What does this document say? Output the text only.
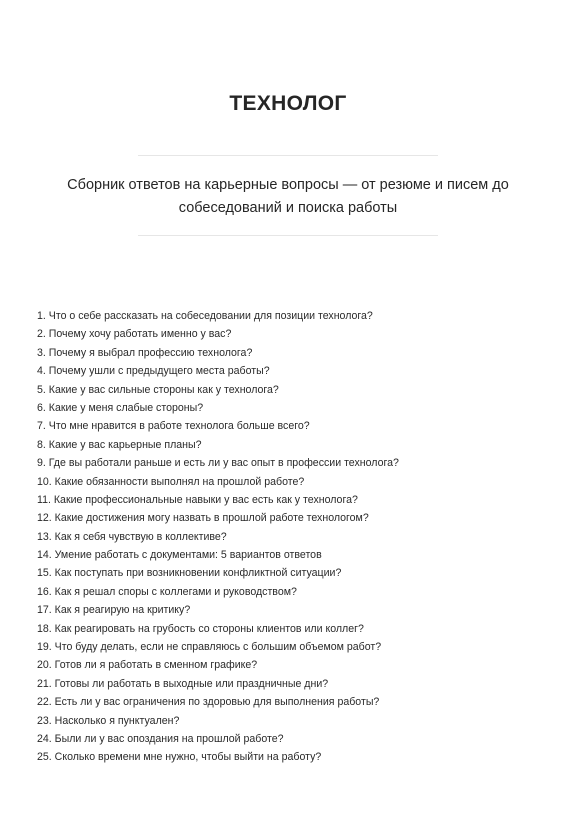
ТЕХНОЛОГ
Сборник ответов на карьерные вопросы — от резюме и писем до собеседований и поиска работы
1. Что о себе рассказать на собеседовании для позиции технолога?
2. Почему хочу работать именно у вас?
3. Почему я выбрал профессию технолога?
4. Почему ушли с предыдущего места работы?
5. Какие у вас сильные стороны как у технолога?
6. Какие у меня слабые стороны?
7. Что мне нравится в работе технолога больше всего?
8. Какие у вас карьерные планы?
9. Где вы работали раньше и есть ли у вас опыт в профессии технолога?
10. Какие обязанности выполнял на прошлой работе?
11. Какие профессиональные навыки у вас есть как у технолога?
12. Какие достижения могу назвать в прошлой работе технологом?
13. Как я себя чувствую в коллективе?
14. Умение работать с документами: 5 вариантов ответов
15. Как поступать при возникновении конфликтной ситуации?
16. Как я решал споры с коллегами и руководством?
17. Как я реагирую на критику?
18. Как реагировать на грубость со стороны клиентов или коллег?
19. Что буду делать, если не справляюсь с большим объемом работ?
20. Готов ли я работать в сменном графике?
21. Готовы ли работать в выходные или праздничные дни?
22. Есть ли у вас ограничения по здоровью для выполнения работы?
23. Насколько я пунктуален?
24. Были ли у вас опоздания на прошлой работе?
25. Сколько времени мне нужно, чтобы выйти на работу?
